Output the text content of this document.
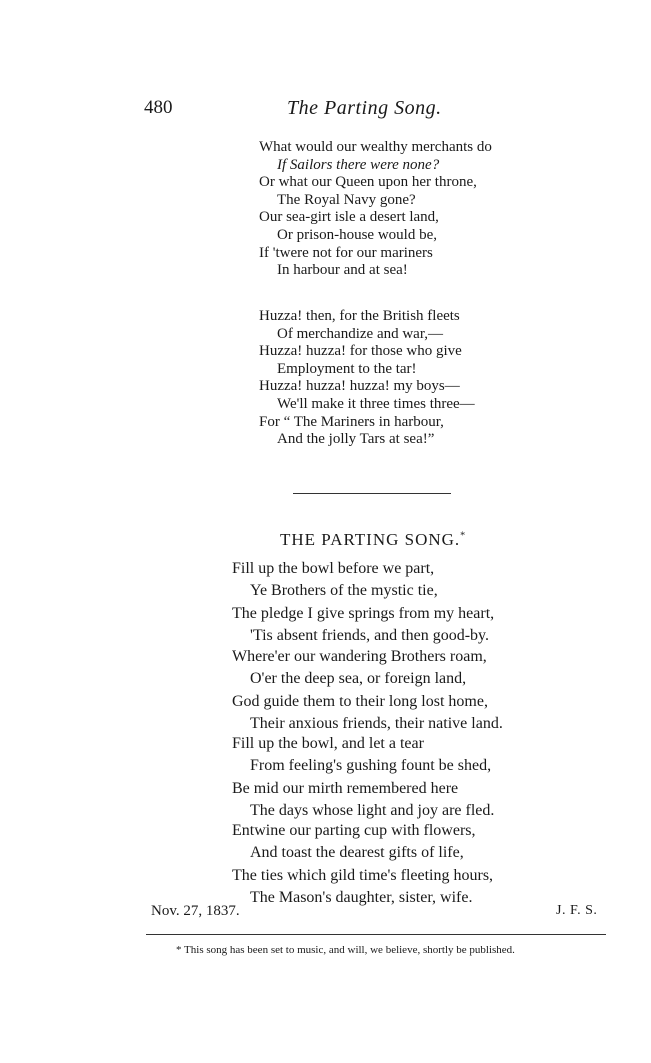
480	The Parting Song.
What would our wealthy merchants do
If Sailors there were none?
Or what our Queen upon her throne,
The Royal Navy gone?
Our sea-girt isle a desert land,
Or prison-house would be,
If 'twere not for our mariners
In harbour and at sea!
Huzza! then, for the British fleets
Of merchandize and war,—
Huzza! huzza! for those who give
Employment to the tar!
Huzza! huzza! huzza! my boys—
We'll make it three times three—
For “ The Mariners in harbour,
And the jolly Tars at sea!”
THE PARTING SONG.*
Fill up the bowl before we part,
Ye Brothers of the mystic tie,
The pledge I give springs from my heart,
'Tis absent friends, and then good-by.
Where'er our wandering Brothers roam,
O'er the deep sea, or foreign land,
God guide them to their long lost home,
Their anxious friends, their native land.
Fill up the bowl, and let a tear
From feeling's gushing fount be shed,
Be mid our mirth remembered here
The days whose light and joy are fled.
Entwine our parting cup with flowers,
And toast the dearest gifts of life,
The ties which gild time's fleeting hours,
The Mason's daughter, sister, wife.
Nov. 27, 1837.	J. F. S.
* This song has been set to music, and will, we believe, shortly be published.
